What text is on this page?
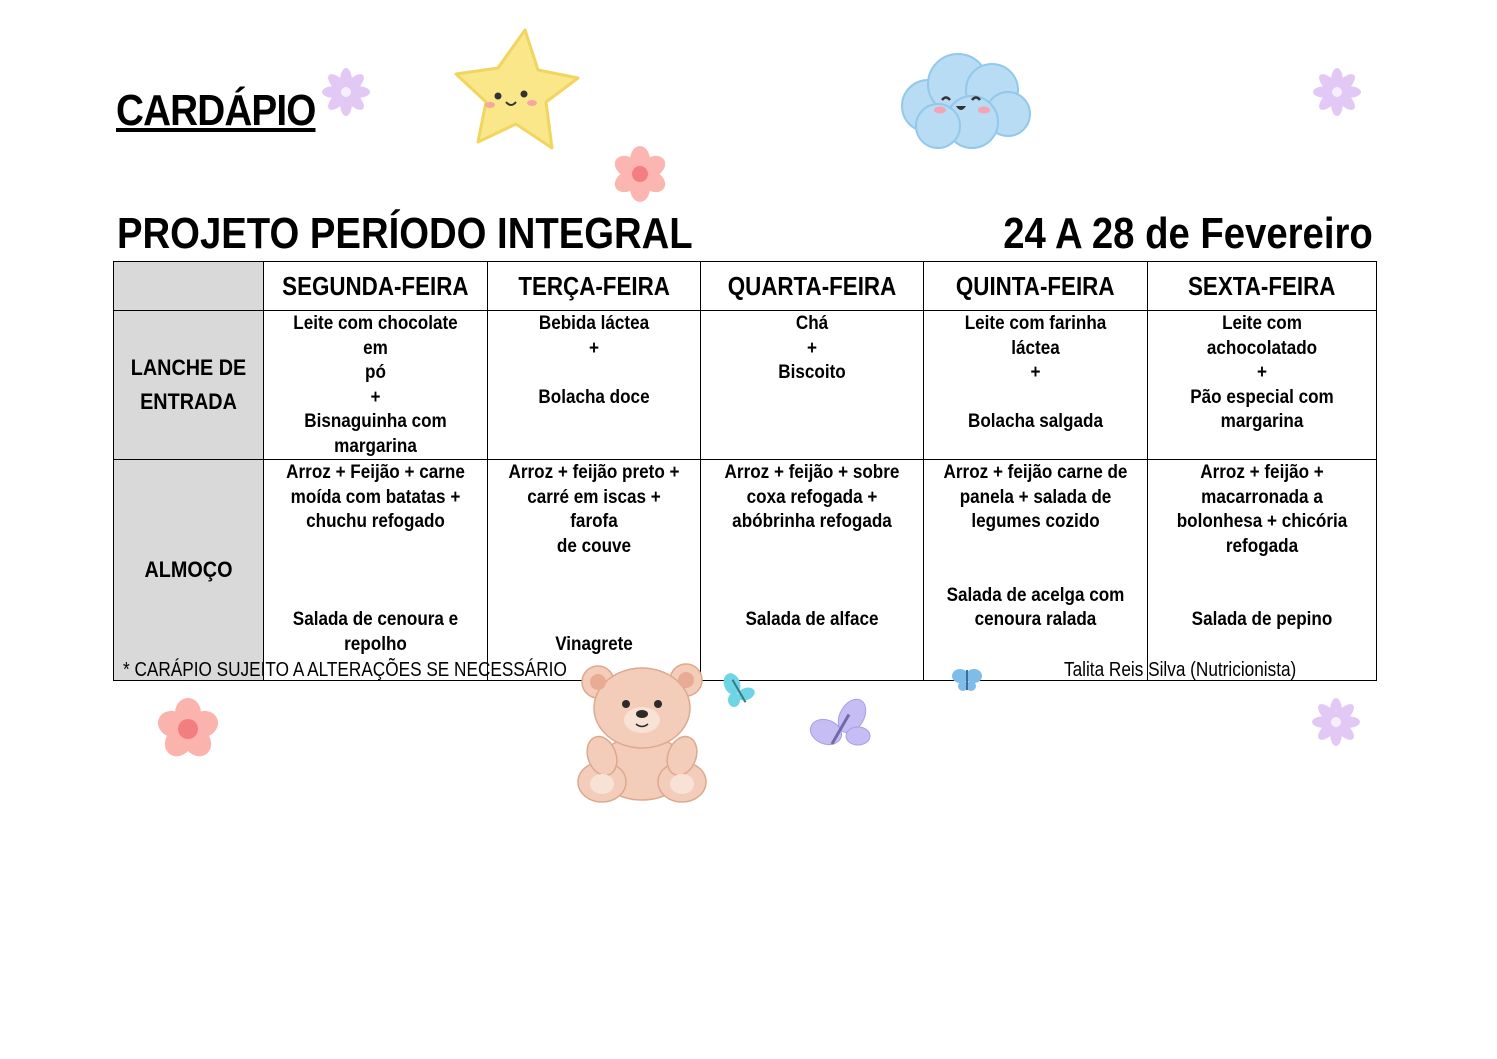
CARDÁPIO
PROJETO PERÍODO INTEGRAL	24 A 28 de Fevereiro
	SEGUNDA-FEIRA	TERÇA-FEIRA	QUARTA-FEIRA	QUINTA-FEIRA	SEXTA-FEIRA

LANCHE DE
ENTRADA	Leite com chocolate em
pó
+
Bisnaguinha com
margarina	Bebida láctea
+
Bolacha doce	Chá
+
Biscoito	Leite com farinha láctea
+
Bolacha salgada	Leite com achocolatado
+
Pão especial com
margarina

ALMOÇO	Arroz + Feijão + carne
moída com batatas +
chuchu refogado
Salada de cenoura e
repolho	Arroz + feijão preto +
carré em iscas + farofa
de couve
Vinagrete	Arroz + feijão + sobre
coxa refogada +
abóbrinha refogada
Salada de alface	Arroz + feijão carne de
panela + salada de
legumes cozido
Salada de acelga com
cenoura ralada	Arroz + feijão +
macarronada a
bolonhesa + chicória
refogada
Salada de pepino
* CARÁPIO SUJEITO A ALTERAÇÕES SE NECESSÁRIO	Talita Reis Silva (Nutricionista)
